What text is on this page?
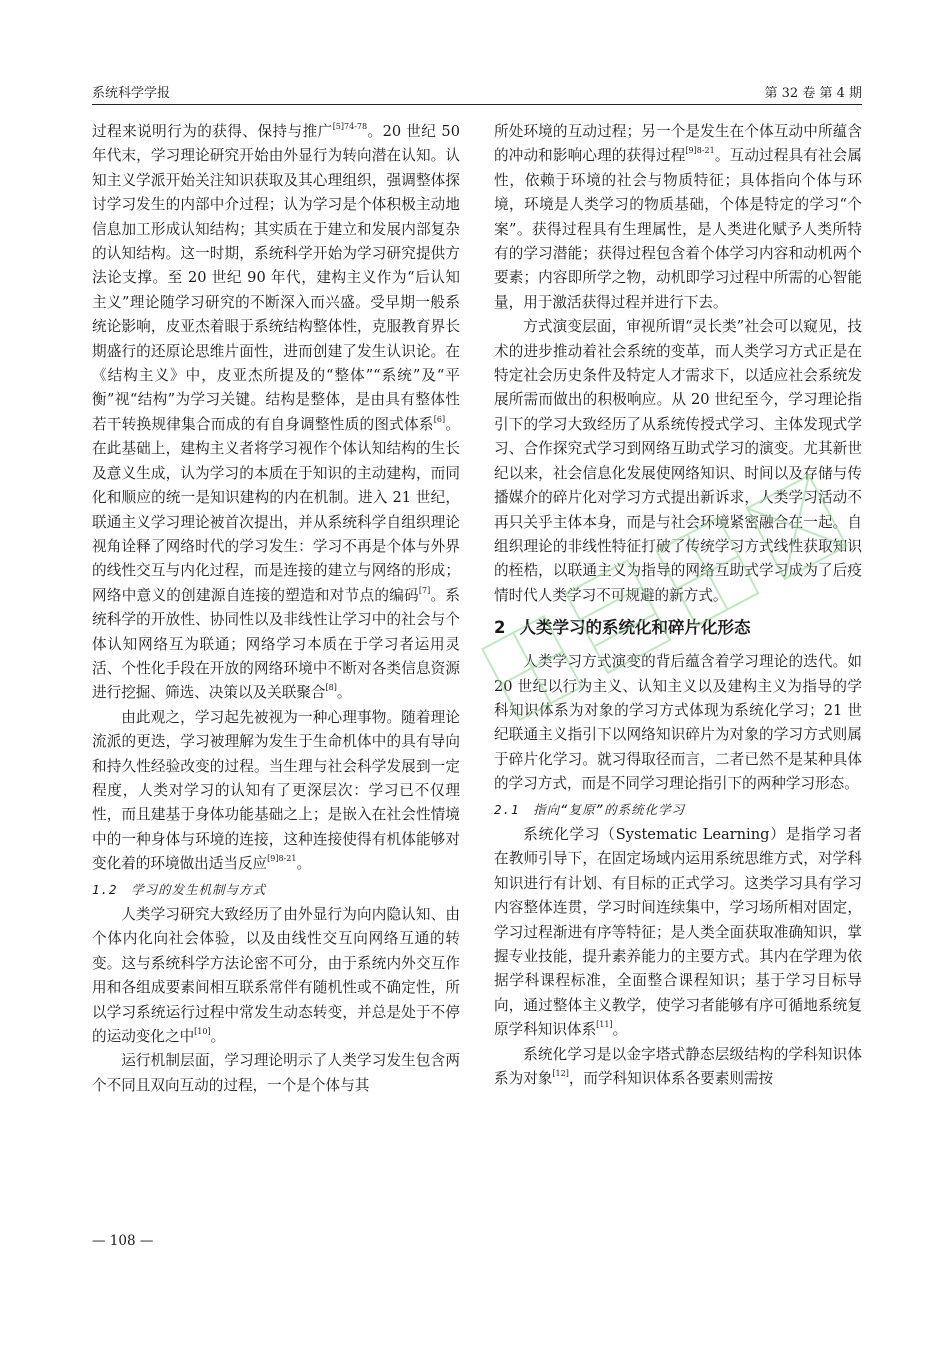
系统科学学报	第 32 卷 第 4 期

过程来说明行为的获得、保持与推广$^{[5]74-78}$。20 世纪 50 年代末，学习理论研究开始由外显行为转向潜在认知。认知主义学派开始关注知识获取及其心理组织，强调整体探讨学习发生的内部中介过程；认为学习是个体积极主动地信息加工形成认知结构；其实质在于建立和发展内部复杂的认知结构。这一时期，系统科学开始为学习研究提供方法论支撑。至 20 世纪 90 年代，建构主义作为“后认知主义”理论随学习研究的不断深入而兴盛。受早期一般系统论影响，皮亚杰着眼于系统结构整体性，克服教育界长期盛行的还原论思维片面性，进而创建了发生认识论。在《结构主义》中，皮亚杰所提及的“整体”“系统”及“平衡”视“结构”为学习关键。结构是整体，是由具有整体性若干转换规律集合而成的有自身调整性质的图式体系[6]。在此基础上，建构主义者将学习视作个体认知结构的生长及意义生成，认为学习的本质在于知识的主动建构，而同化和顺应的统一是知识建构的内在机制。进入 21 世纪，联通主义学习理论被首次提出，并从系统科学自组织理论视角诠释了网络时代的学习发生：学习不再是个体与外界的线性交互与内化过程，而是连接的建立与网络的形成；网络中意义的创建源自连接的塑造和对节点的编码[7]。系统科学的开放性、协同性以及非线性让学习中的社会与个体认知网络互为联通；网络学习本质在于学习者运用灵活、个性化手段在开放的网络环境中不断对各类信息资源进行挖掘、筛选、决策以及关联聚合[8]。

由此观之，学习起先被视为一种心理事物。随着理论流派的更迭，学习被理解为发生于生命机体中的具有导向和持久性经验改变的过程。当生理与社会科学发展到一定程度，人类对学习的认知有了更深层次：学习已不仅理性，而且建基于身体功能基础之上；是嵌入在社会性情境中的一种身体与环境的连接，这种连接使得有机体能够对变化着的环境做出适当反应$^{[9]8-21}$。

1.2　学习的发生机制与方式

人类学习研究大致经历了由外显行为向内隐认知、由个体内化向社会体验，以及由线性交互向网络互通的转变。这与系统科学方法论密不可分，由于系统内外交互作用和各组成要素间相互联系常伴有随机性或不确定性，所以学习系统运行过程中常发生动态转变，并总是处于不停的运动变化之中[10]。

运行机制层面，学习理论明示了人类学习发生包含两个不同且双向互动的过程，一个是个体与其

所处环境的互动过程；另一个是发生在个体互动中所蕴含的冲动和影响心理的获得过程$^{[9]8-21}$。互动过程具有社会属性，依赖于环境的社会与物质特征；具体指向个体与环境，环境是人类学习的物质基础，个体是特定的学习“个案”。获得过程具有生理属性，是人类进化赋予人类所特有的学习潜能；获得过程包含着个体学习内容和动机两个要素；内容即所学之物，动机即学习过程中所需的心智能量，用于激活获得过程并进行下去。

方式演变层面，审视所谓“灵长类”社会可以窥见，技术的进步推动着社会系统的变革，而人类学习方式正是在特定社会历史条件及特定人才需求下，以适应社会系统发展所需而做出的积极响应。从 20 世纪至今，学习理论指引下的学习大致经历了从系统传授式学习、主体发现式学习、合作探究式学习到网络互助式学习的演变。尤其新世纪以来，社会信息化发展使网络知识、时间以及存储与传播媒介的碎片化对学习方式提出新诉求，人类学习活动不再只关乎主体本身，而是与社会环境紧密融合在一起。自组织理论的非线性特征打破了传统学习方式线性获取知识的桎梏，以联通主义为指导的网络互助式学习成为了后疫情时代人类学习不可规避的新方式。

2 人类学习的系统化和碎片化形态

人类学习方式演变的背后蕴含着学习理论的迭代。如 20 世纪以行为主义、认知主义以及建构主义为指导的学科知识体系为对象的学习方式体现为系统化学习；21 世纪联通主义指引下以网络知识碎片为对象的学习方式则属于碎片化学习。就习得取径而言，二者已然不是某种具体的学习方式，而是不同学习理论指引下的两种学习形态。

2.1　指向“复原”的系统化学习

系统化学习（Systematic Learning）是指学习者在教师引导下，在固定场域内运用系统思维方式，对学科知识进行有计划、有目标的正式学习。这类学习具有学习内容整体连贯，学习时间连续集中，学习场所相对固定，学习过程渐进有序等特征；是人类全面获取准确知识，掌握专业技能，提升素养能力的主要方式。其内在学理为依据学科课程标准，全面整合课程知识；基于学习目标导向，通过整体主义教学，使学习者能够有序可循地系统复原学科知识体系[11]。

系统化学习是以金字塔式静态层级结构的学科知识体系为对象[12]，而学科知识体系各要素则需按

— 108 —
